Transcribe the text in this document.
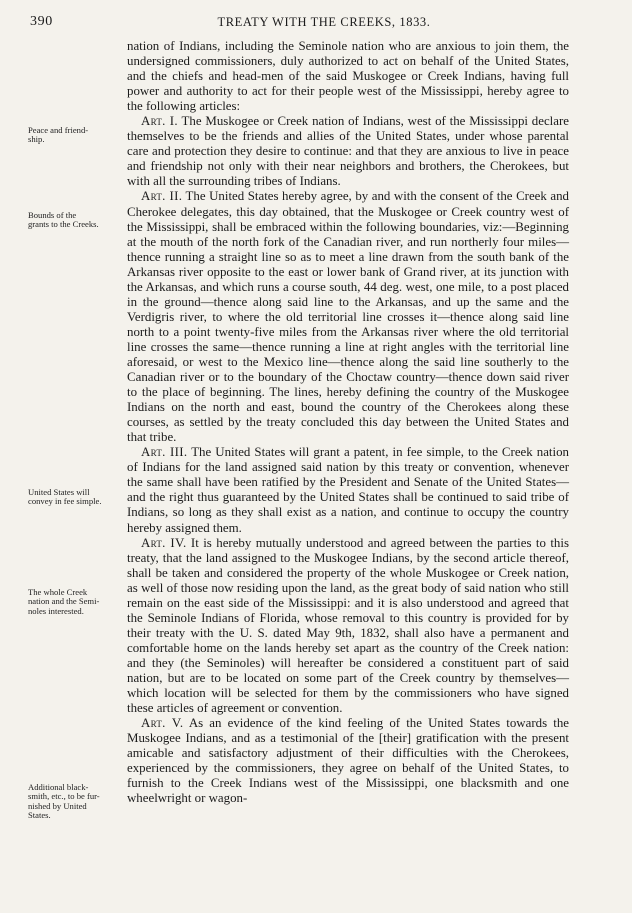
390	TREATY WITH THE CREEKS, 1833.
Peace and friend-
ship.
Bounds of the
grants to the Creeks.
United States will
convey in fee simple.
The whole Creek
nation and the Semi-
noles interested.
Additional black-
smith, etc., to be fur-
nished by United
States.

nation of Indians, including the Seminole nation who are anxious to join them, the undersigned commissioners, duly authorized to act on behalf of the United States, and the chiefs and head-men of the said Muskogee or Creek Indians, having full power and authority to act for their people west of the Mississippi, hereby agree to the following articles:

Art. I. The Muskogee or Creek nation of Indians, west of the Mississippi declare themselves to be the friends and allies of the United States, under whose parental care and protection they desire to continue: and that they are anxious to live in peace and friendship not only with their near neighbors and brothers, the Cherokees, but with all the surrounding tribes of Indians.

Art. II. The United States hereby agree, by and with the consent of the Creek and Cherokee delegates, this day obtained, that the Muskogee or Creek country west of the Mississippi, shall be embraced within the following boundaries, viz:—Beginning at the mouth of the north fork of the Canadian river, and run northerly four miles—thence running a straight line so as to meet a line drawn from the south bank of the Arkansas river opposite to the east or lower bank of Grand river, at its junction with the Arkansas, and which runs a course south, 44 deg. west, one mile, to a post placed in the ground—thence along said line to the Arkansas, and up the same and the Verdigris river, to where the old territorial line crosses it—thence along said line north to a point twenty-five miles from the Arkansas river where the old territorial line crosses the same—thence running a line at right angles with the territorial line aforesaid, or west to the Mexico line—thence along the said line southerly to the Canadian river or to the boundary of the Choctaw country—thence down said river to the place of beginning. The lines, hereby defining the country of the Muskogee Indians on the north and east, bound the country of the Cherokees along these courses, as settled by the treaty concluded this day between the United States and that tribe.

Art. III. The United States will grant a patent, in fee simple, to the Creek nation of Indians for the land assigned said nation by this treaty or convention, whenever the same shall have been ratified by the President and Senate of the United States—and the right thus guaranteed by the United States shall be continued to said tribe of Indians, so long as they shall exist as a nation, and continue to occupy the country hereby assigned them.

Art. IV. It is hereby mutually understood and agreed between the parties to this treaty, that the land assigned to the Muskogee Indians, by the second article thereof, shall be taken and considered the property of the whole Muskogee or Creek nation, as well of those now residing upon the land, as the great body of said nation who still remain on the east side of the Mississippi: and it is also understood and agreed that the Seminole Indians of Florida, whose removal to this country is provided for by their treaty with the U. S. dated May 9th, 1832, shall also have a permanent and comfortable home on the lands hereby set apart as the country of the Creek nation: and they (the Seminoles) will hereafter be considered a constituent part of said nation, but are to be located on some part of the Creek country by themselves—which location will be selected for them by the commissioners who have signed these articles of agreement or convention.

Art. V. As an evidence of the kind feeling of the United States towards the Muskogee Indians, and as a testimonial of the [their] gratification with the present amicable and satisfactory adjustment of their difficulties with the Cherokees, experienced by the commissioners, they agree on behalf of the United States, to furnish to the Creek Indians west of the Mississippi, one blacksmith and one wheelwright or wagon-
